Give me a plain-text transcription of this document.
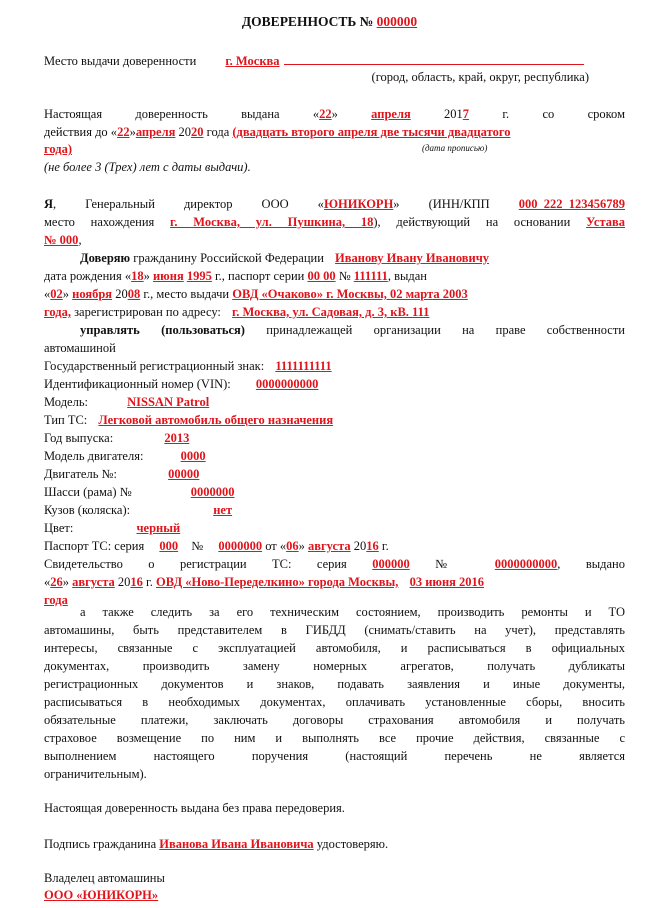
ДОВЕРЕННОСТЬ № 000000
Место выдачи доверенности г. Москва
(город, область, край, округ, республика)
Настоящая доверенность выдана «22»	апреля	2017	г. со сроком
действия до «22»апреля 2020 года (двадцать второго апреля две тысячи двадцатого
года)	(дата прописью)
(не более 3 (Трех) лет с даты выдачи).
Я, Генеральный директор ООО «ЮНИКОРН» (ИНН/КПП 000_222_123456789
место нахождения г. Москва, ул. Пушкина, 18), действующий на основании Устава
№ 000,
Доверяю гражданину Российской Федерации Иванову Ивану Ивановичу
дата рождения «18» июня 1995 г., паспорт серии 00 00 № 111111, выдан
«02» ноября 2008 г., место выдачи ОВД «Очаково» г. Москвы, 02 марта 2003
года, зарегистрирован по адресу: г. Москва, ул. Садовая, д. 3, кВ. 111
управлять (пользоваться) принадлежащей организации на праве собственности
автомашиной
Государственный регистрационный знак: 1111111111
Идентификационный номер (VIN): 0000000000
Модель:	NISSAN Patrol
Тип ТС: Легковой автомобиль общего назначения
Год выпуска:	2013
Модель двигателя:	0000
Двигатель №:	00000
Шасси (рама) №	0000000
Кузов (коляска):	нет
Цвет:	черный
Паспорт ТС: серия 000 № 0000000 от «06» августа 2016 г.
Свидетельство о регистрации ТС: серия 000000 № 0000000000, выдано
«26» августа 2016 г. ОВД «Ново-Переделкино» города Москвы, 03 июня 2016
года
а также следить за его техническим состоянием, производить ремонты и ТО
автомашины, быть представителем в ГИБДД (снимать/ставить на учет), представлять
интересы, связанные с эксплуатацией автомобиля, и расписываться в официальных
документах, производить замену номерных агрегатов, получать дубликаты
регистрационных документов и знаков, подавать заявления и иные документы,
расписываться в необходимых документах, оплачивать установленные сборы, вносить
обязательные платежи, заключать договоры страхования автомобиля и получать
страховое возмещение по ним и выполнять все прочие действия, связанные с
выполнением настоящего поручения (настоящий перечень не является
ограничительным).
Настоящая доверенность выдана без права передоверия.
Подпись гражданина Иванова Ивана Ивановича удостоверяю.
Владелец автомашины
ООО «ЮНИКОРН»
